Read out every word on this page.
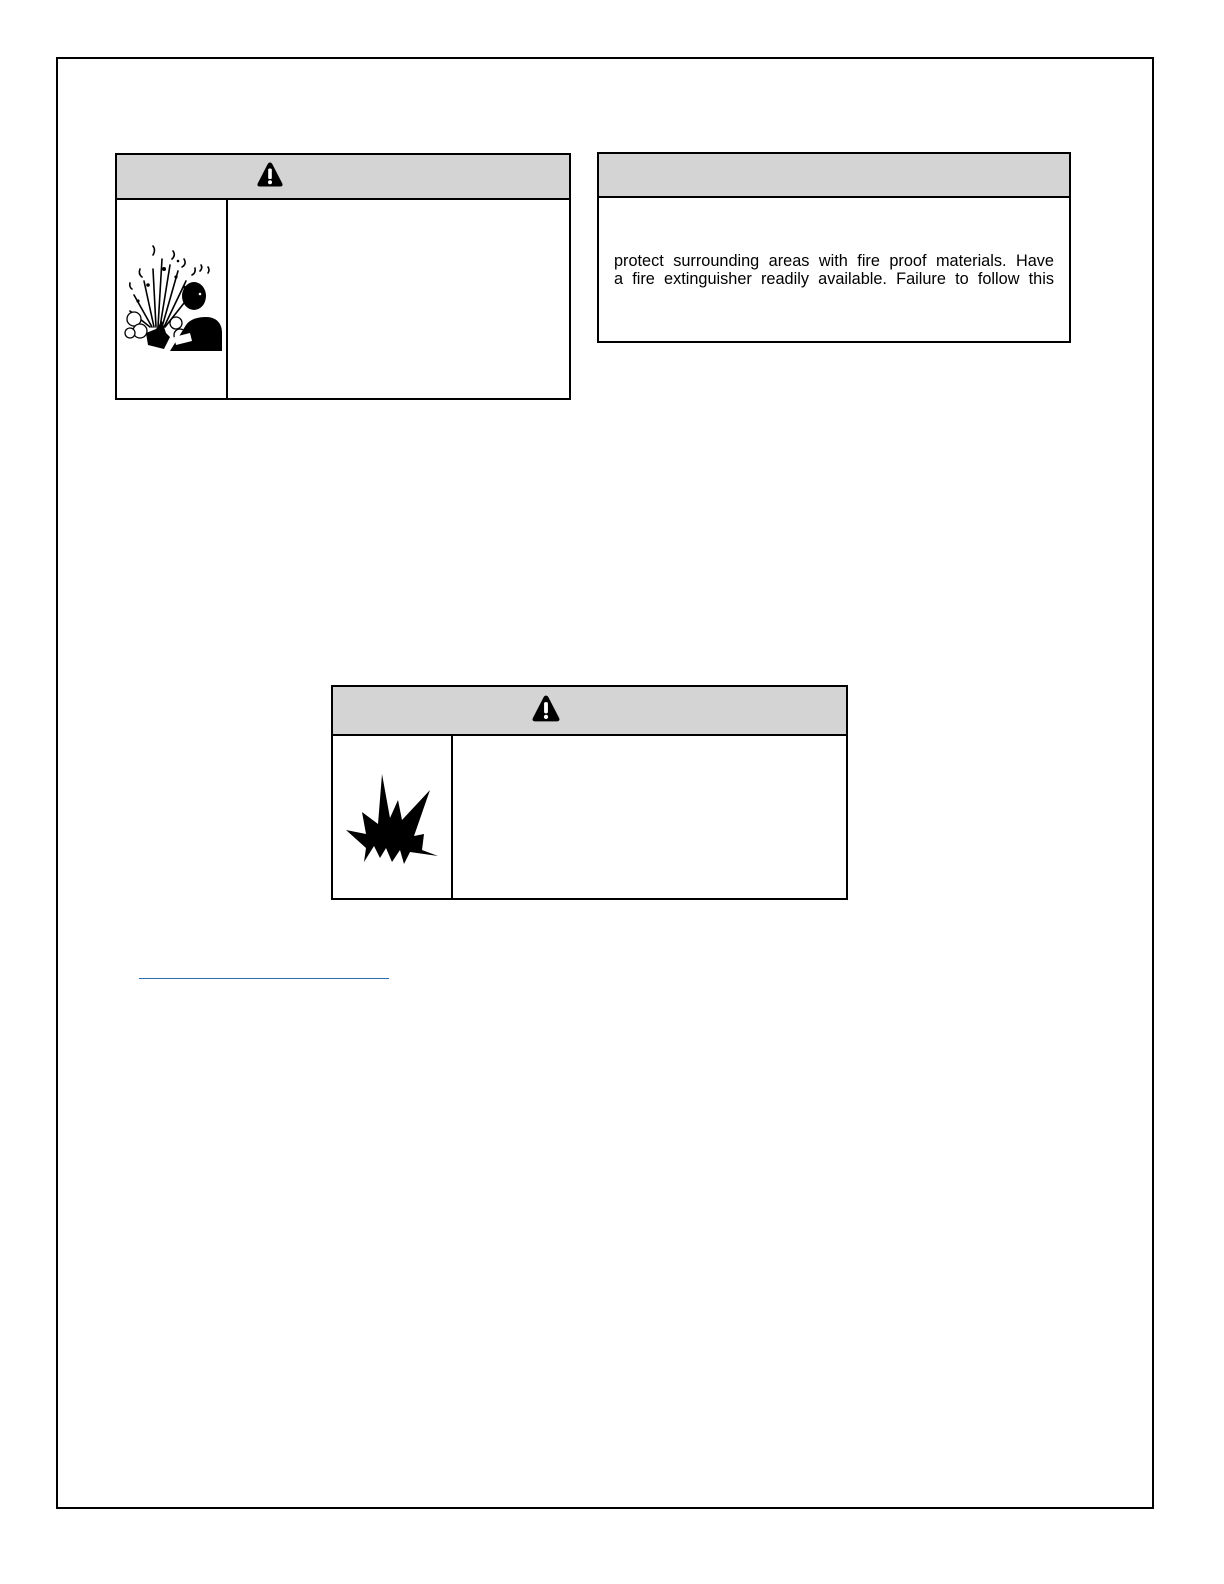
protect surrounding areas with fire proof materials. Have
a fire extinguisher readily available. Failure to follow this
